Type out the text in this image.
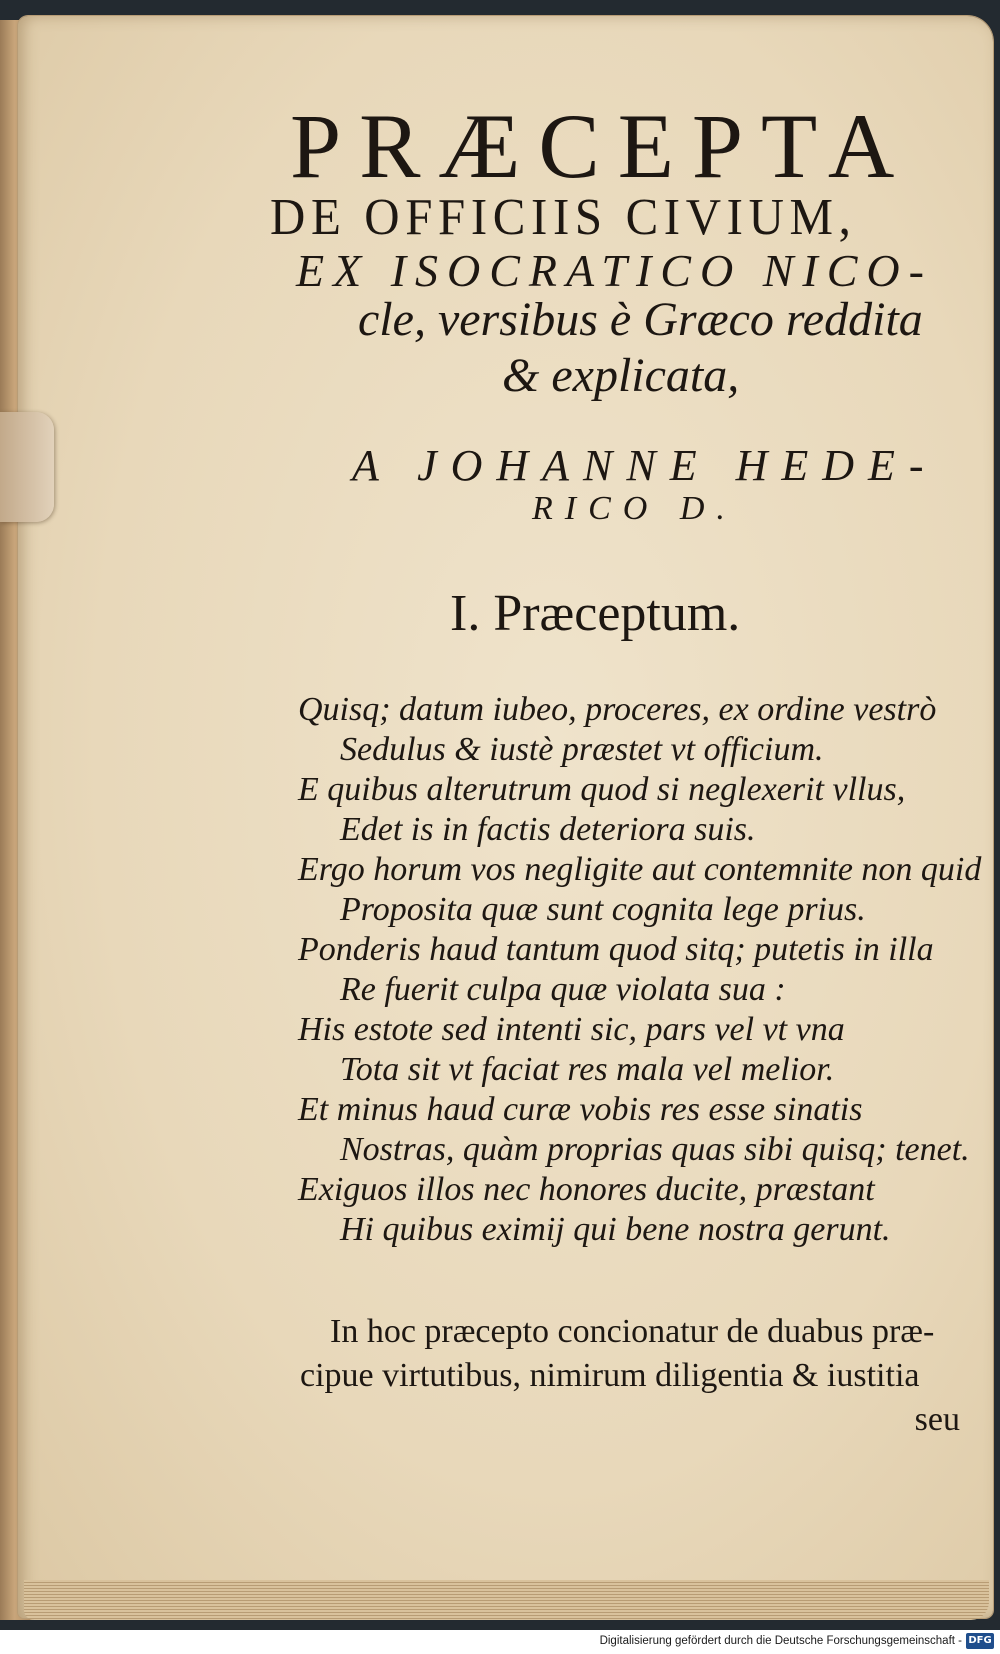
PRÆCEPTA
DE OFFICIIS CIVIUM,
EX ISOCRATICO NICO-
cle, versibus è Græco reddita
& explicata,
A JOHANNE HEDE-
RICO D.
I. Præceptum.
Quisq; datum iubeo, proceres, ex ordine vestrò
Sedulus & iustè præstet vt officium.
E quibus alterutrum quod si neglexerit vllus,
Edet is in factis deteriora suis.
Ergo horum vos negligite aut contemnite non quid
Proposita quæ sunt cognita lege prius.
Ponderis haud tantum quod sitq; putetis in illa
Re fuerit culpa quæ violata sua :
His estote sed intenti sic, pars vel vt vna
Tota sit vt faciat res mala vel melior.
Et minus haud curæ vobis res esse sinatis
Nostras, quàm proprias quas sibi quisq; tenet.
Exiguos illos nec honores ducite, præstant
Hi quibus eximij qui bene nostra gerunt.
In hoc præcepto concionatur de duabus præ-
cipue virtutibus, nimirum diligentia & iustitia
seu
Digitalisierung gefördert durch die Deutsche Forschungsgemeinschaft - DFG
